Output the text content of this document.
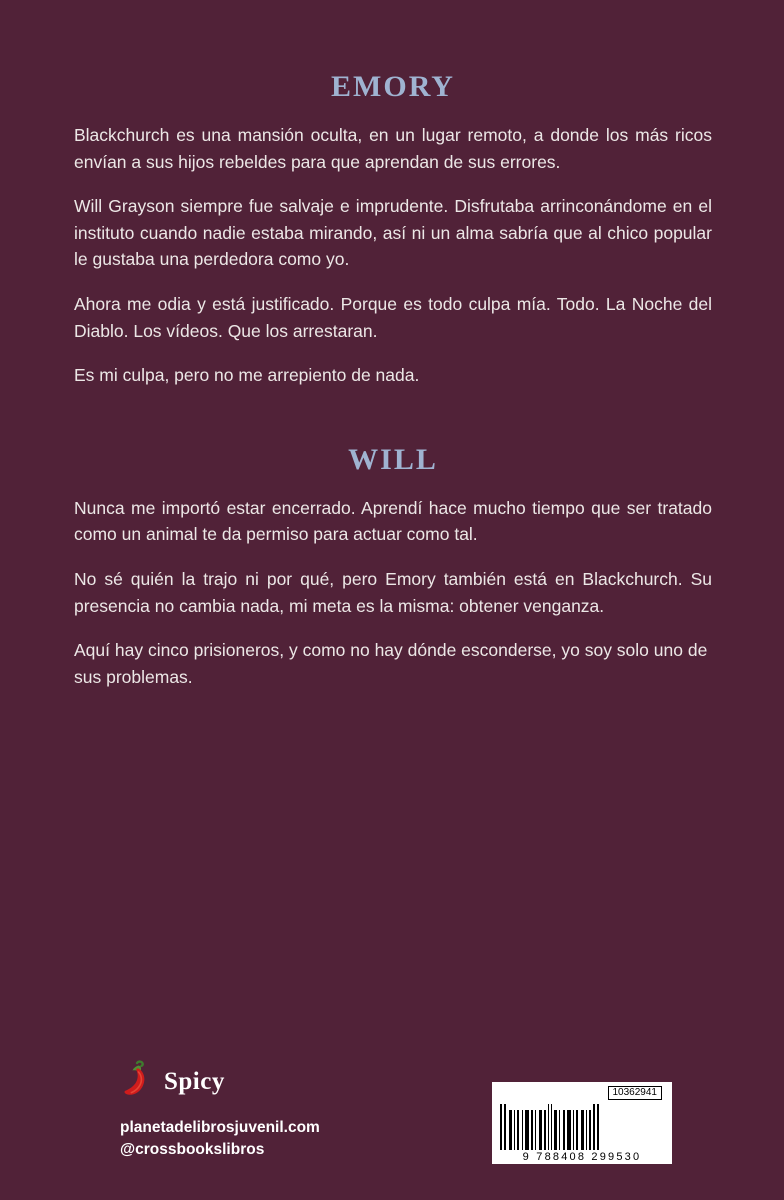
EMORY

Blackchurch es una mansión oculta, en un lugar remoto, a donde los más ricos envían a sus hijos rebeldes para que aprendan de sus errores.

Will Grayson siempre fue salvaje e imprudente. Disfrutaba arrinconándome en el instituto cuando nadie estaba mirando, así ni un alma sabría que al chico popular le gustaba una perdedora como yo.

Ahora me odia y está justificado. Porque es todo culpa mía. Todo. La Noche del Diablo. Los vídeos. Que los arrestaran.

Es mi culpa, pero no me arrepiento de nada.

WILL

Nunca me importó estar encerrado. Aprendí hace mucho tiempo que ser tratado como un animal te da permiso para actuar como tal.

No sé quién la trajo ni por qué, pero Emory también está en Blackchurch. Su presencia no cambia nada, mi meta es la misma: obtener venganza.

Aquí hay cinco prisioneros, y como no hay dónde esconderse, yo soy solo uno de sus problemas.

Spicy
planetadelibrosjuvenil.com
@crossbookslibros
10362941
9 788408 299530
